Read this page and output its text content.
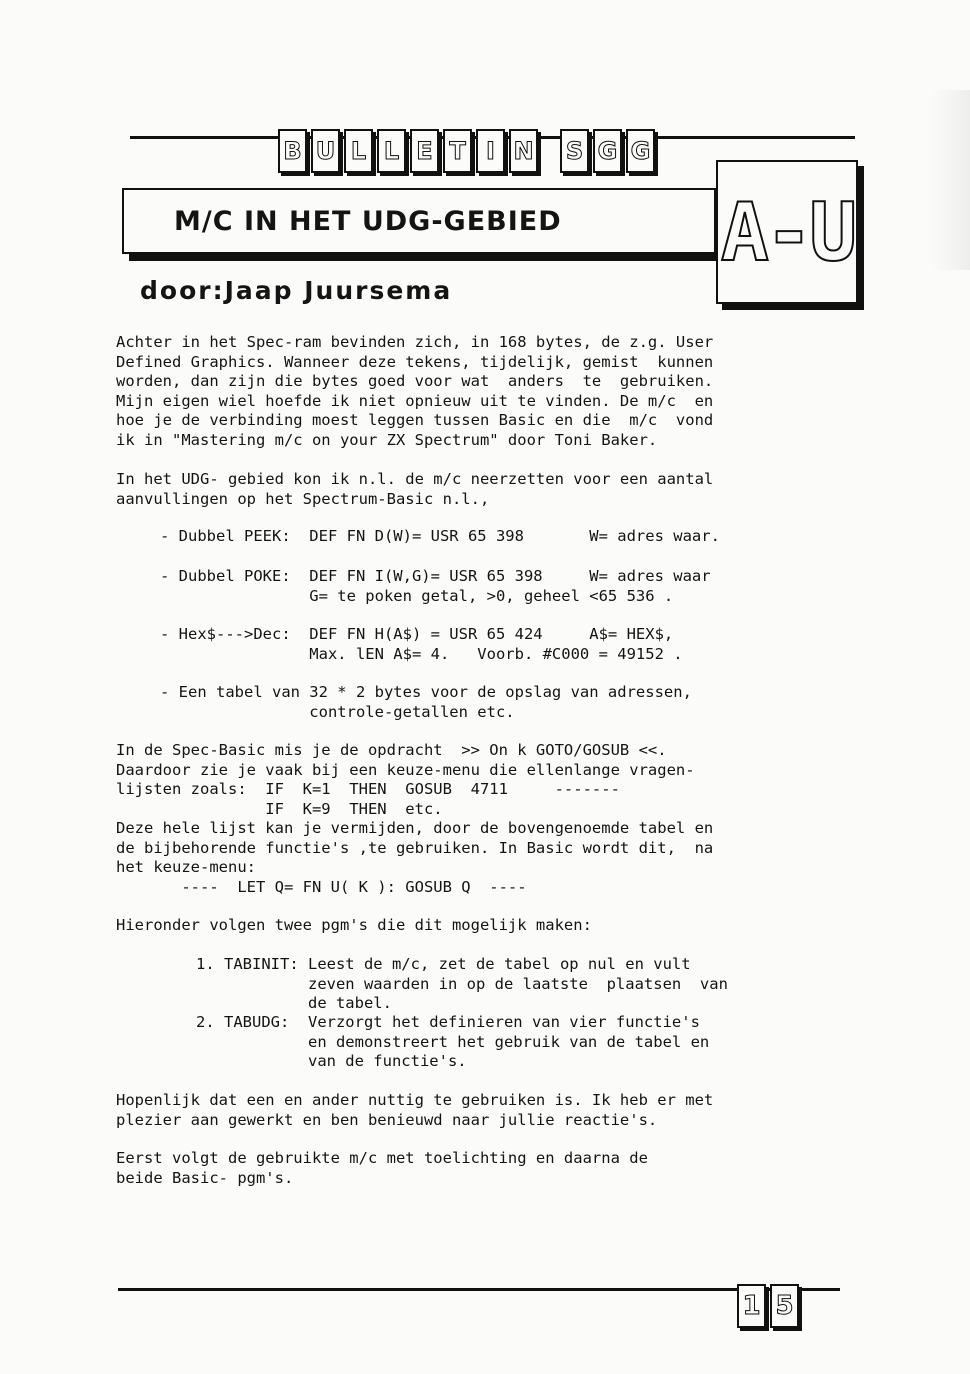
B U L L E T I N S G G
M/C IN HET UDG-GEBIED A-U
door:Jaap Juursema
Achter in het Spec-ram bevinden zich, in 168 bytes, de z.g. User
Defined Graphics. Wanneer deze tekens, tijdelijk, gemist  kunnen
worden, dan zijn die bytes goed voor wat  anders  te  gebruiken.
Mijn eigen wiel hoefde ik niet opnieuw uit te vinden. De m/c  en
hoe je de verbinding moest leggen tussen Basic en die  m/c  vond
ik in "Mastering m/c on your ZX Spectrum" door Toni Baker.
In het UDG- gebied kon ik n.l. de m/c neerzetten voor een aantal
aanvullingen op het Spectrum-Basic n.l.,
- Dubbel PEEK:  DEF FN D(W)= USR 65 398       W= adres waar.
- Dubbel POKE:  DEF FN I(W,G)= USR 65 398     W= adres waar
G= te poken getal, >0, geheel <65 536 .
- Hex$--->Dec:  DEF FN H(A$) = USR 65 424     A$= HEX$,
Max. lEN A$= 4.   Voorb. #C000 = 49152 .
- Een tabel van 32 * 2 bytes voor de opslag van adressen,
controle-getallen etc.
In de Spec-Basic mis je de opdracht  >> On k GOTO/GOSUB <<.
Daardoor zie je vaak bij een keuze-menu die ellenlange vragen-
lijsten zoals:  IF  K=1  THEN  GOSUB  4711     -------
IF  K=9  THEN  etc.
Deze hele lijst kan je vermijden, door de bovengenoemde tabel en
de bijbehorende functie's ,te gebruiken. In Basic wordt dit,  na
het keuze-menu:
----  LET Q= FN U( K ): GOSUB Q  ----
Hieronder volgen twee pgm's die dit mogelijk maken:
1. TABINIT: Leest de m/c, zet de tabel op nul en vult
zeven waarden in op de laatste  plaatsen  van
de tabel.
2. TABUDG:  Verzorgt het definieren van vier functie's
en demonstreert het gebruik van de tabel en
van de functie's.
Hopenlijk dat een en ander nuttig te gebruiken is. Ik heb er met
plezier aan gewerkt en ben benieuwd naar jullie reactie's.
Eerst volgt de gebruikte m/c met toelichting en daarna de
beide Basic- pgm's.
1 5
